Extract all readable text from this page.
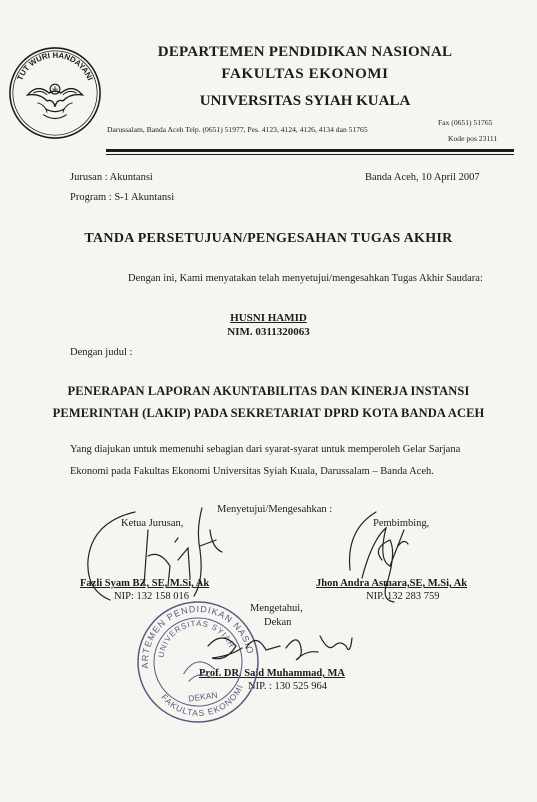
TUT WURI HANDAYANI
DEPARTEMEN PENDIDIKAN NASIONAL
FAKULTAS EKONOMI
UNIVERSITAS SYIAH KUALA
Darussalam, Banda Aceh Telp. (0651) 51977, Pes. 4123, 4124, 4126, 4134 dan 51765
Fax (0651) 51765
Kode pos 23111
Jurusan : Akuntansi
Program : S-1 Akuntansi
Banda Aceh, 10 April 2007
TANDA PERSETUJUAN/PENGESAHAN TUGAS AKHIR
Dengan ini, Kami menyatakan telah menyetujui/mengesahkan Tugas Akhir Saudara:
HUSNI HAMID
NIM. 0311320063
Dengan judul :
PENERAPAN LAPORAN AKUNTABILITAS DAN KINERJA INSTANSI
PEMERINTAH (LAKIP) PADA SEKRETARIAT DPRD KOTA BANDA ACEH
Yang diajukan untuk memenuhi sebagian dari syarat-syarat untuk memperoleh Gelar Sarjana
Ekonomi pada Fakultas Ekonomi Universitas Syiah Kuala, Darussalam – Banda Aceh.
Menyetujui/Mengesahkan :
Ketua Jurusan,
Fazli Syam BZ, SE, M.Si, Ak
NIP: 132 158 016
Pembimbing,
Jhon Andra Asmara,SE, M.Si, Ak
NIP. 132 283 759
Mengetahui,
Dekan
Prof. DR. Said Muhammad, MA
NIP. : 130 525 964
DEPARTEMEN PENDIDIKAN NASIONAL
FAKULTAS EKONOMI
UNIVERSITAS SYIAH
DEKAN
